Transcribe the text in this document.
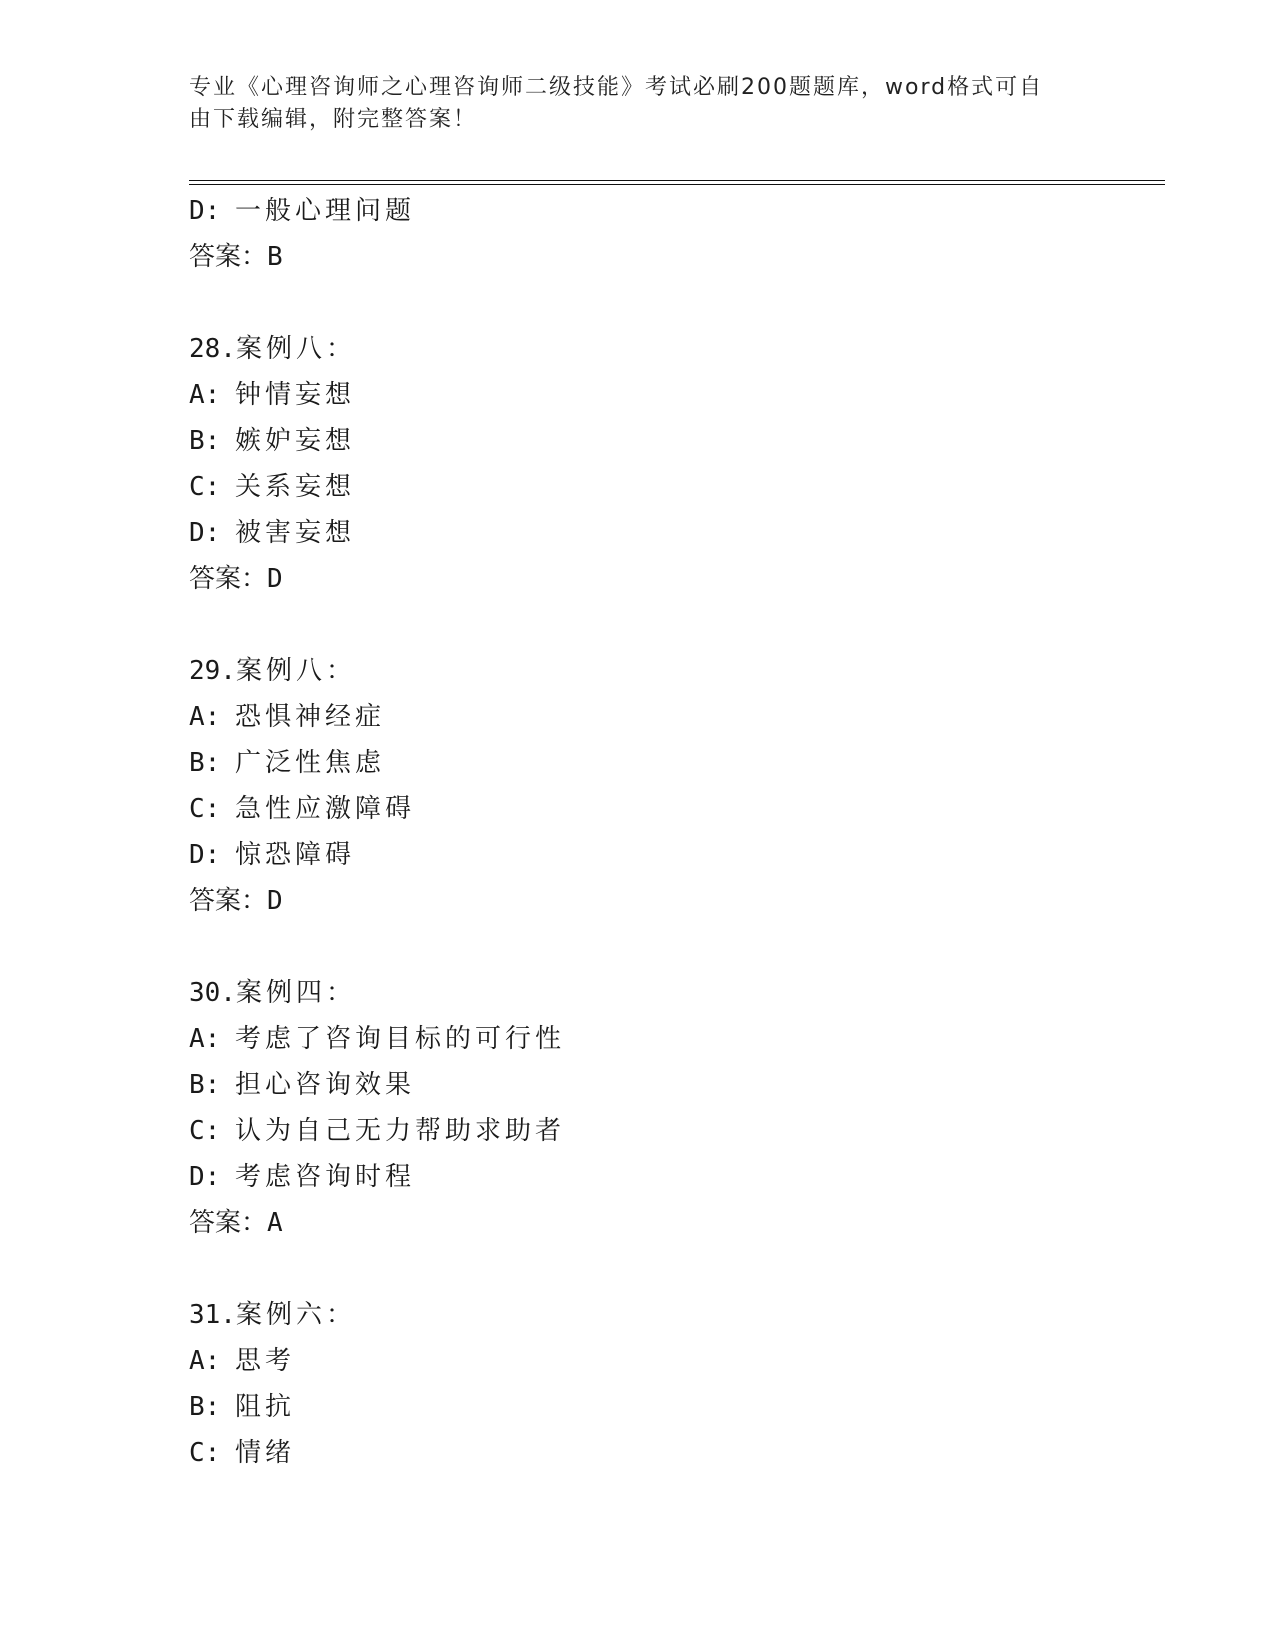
专业《心理咨询师之心理咨询师二级技能》考试必刷200题题库，word格式可自
由下载编辑，附完整答案！
D: 一般心理问题
答案：B
28.案例八：
A: 钟情妄想
B: 嫉妒妄想
C: 关系妄想
D: 被害妄想
答案：D
29.案例八：
A: 恐惧神经症
B: 广泛性焦虑
C: 急性应激障碍
D: 惊恐障碍
答案：D
30.案例四：
A: 考虑了咨询目标的可行性
B: 担心咨询效果
C: 认为自己无力帮助求助者
D: 考虑咨询时程
答案：A
31.案例六：
A: 思考
B: 阻抗
C: 情绪
